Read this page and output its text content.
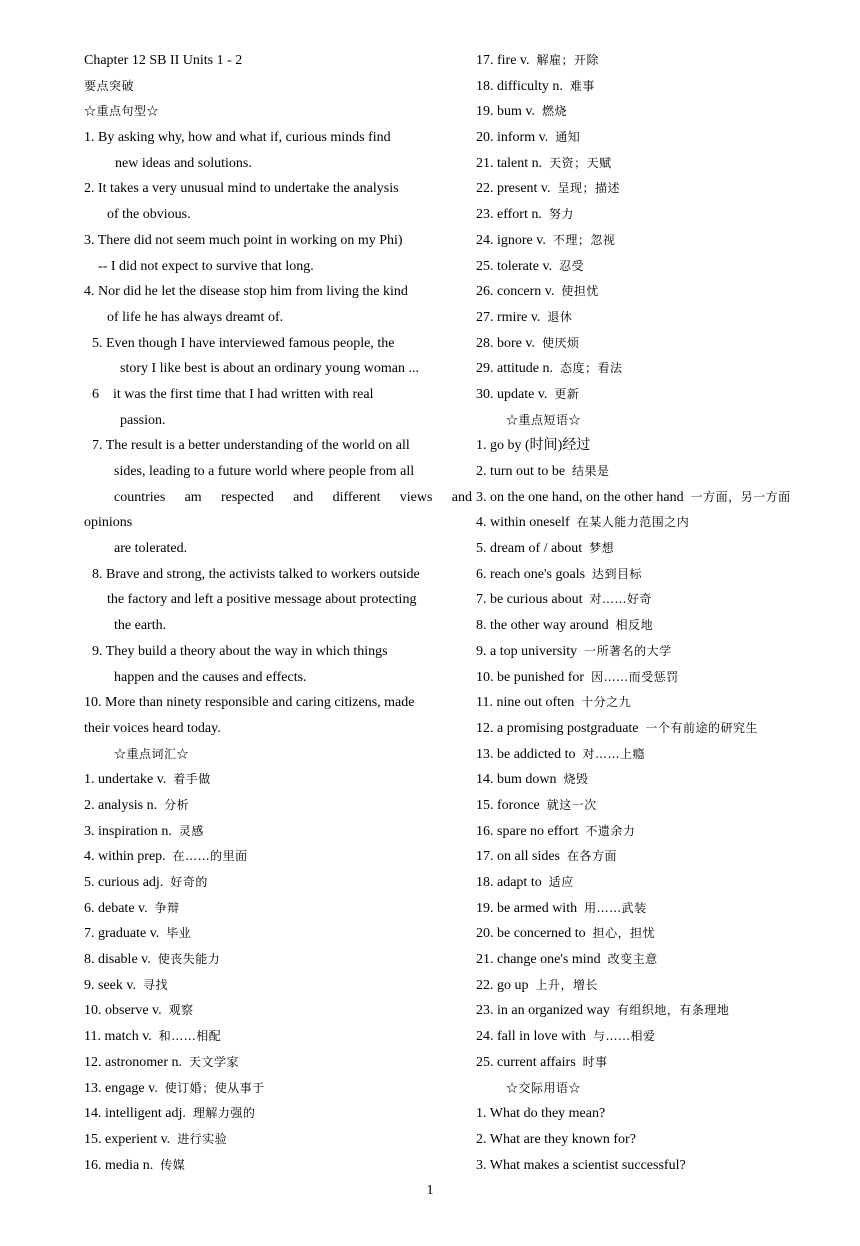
Chapter 12 SB II Units 1 - 2
要点突破
☆重点句型☆
1. By asking why, how and what if, curious minds find
new ideas and solutions.
2. It takes a very unusual mind to undertake the analysis
of the obvious.
3. There did not seem much point in working on my Phi)
-- I did not expect to survive that long.
4. Nor did he let the disease stop him from living the kind
of life he has always dreamt of.
5. Even though I have interviewed famous people, the
story I like best is about an ordinary young woman ...
6    it was the first time that I had written with real
passion.
7. The result is a better understanding of the world on all
sides, leading to a future world where people from all
countries am respected and different views and
opinions
are tolerated.
8. Brave and strong, the activists talked to workers outside
the factory and left a positive message about protecting
the earth.
9. They build a theory about the way in which things
happen and the causes and effects.
10. More than ninety responsible and caring citizens, made
their voices heard today.
☆重点词汇☆
1. undertake v. 着手做
2. analysis n. 分析
3. inspiration n. 灵感
4. within prep. 在……的里面
5. curious adj. 好奇的
6. debate v. 争辩
7. graduate v. 毕业
8. disable v. 使丧失能力
9. seek v. 寻找
10. observe v. 观察
11. match v. 和……相配
12. astronomer n. 天文学家
13. engage v. 使订婚；使从事于
14. intelligent adj. 理解力强的
15. experient v. 进行实验
16. media n. 传媒
17. fire v. 解雇；开除
18. difficulty n. 难事
19. bum v. 燃烧
20. inform v. 通知
21. talent n. 天资；天赋
22. present v. 呈现；描述
23. effort n. 努力
24. ignore v. 不理；忽视
25. tolerate v. 忍受
26. concern v. 使担忧
27. rmire v. 退休
28. bore v. 使厌烦
29. attitude n. 态度；看法
30. update v. 更新
☆重点短语☆
1. go by (时间)经过
2. turn out to be 结果是
3. on the one hand, on the other hand 一方面，另一方面
4. within oneself 在某人能力范围之内
5. dream of / about 梦想
6. reach one's goals 达到目标
7. be curious about 对……好奇
8. the other way around 相反地
9. a top university 一所著名的大学
10. be punished for 因……而受惩罚
11. nine out often 十分之九
12. a promising postgraduate 一个有前途的研究生
13. be addicted to 对……上瘾
14. bum down 烧毁
15. foronce 就这一次
16. spare no effort 不遗余力
17. on all sides 在各方面
18. adapt to 适应
19. be armed with 用……武装
20. be concerned to 担心，担忧
21. change one's mind 改变主意
22. go up 上升，增长
23. in an organized way 有组织地，有条理地
24. fall in love with 与……相爱
25. current affairs 时事
☆交际用语☆
1. What do they mean?
2. What are they known for?
3. What makes a scientist successful?
1
